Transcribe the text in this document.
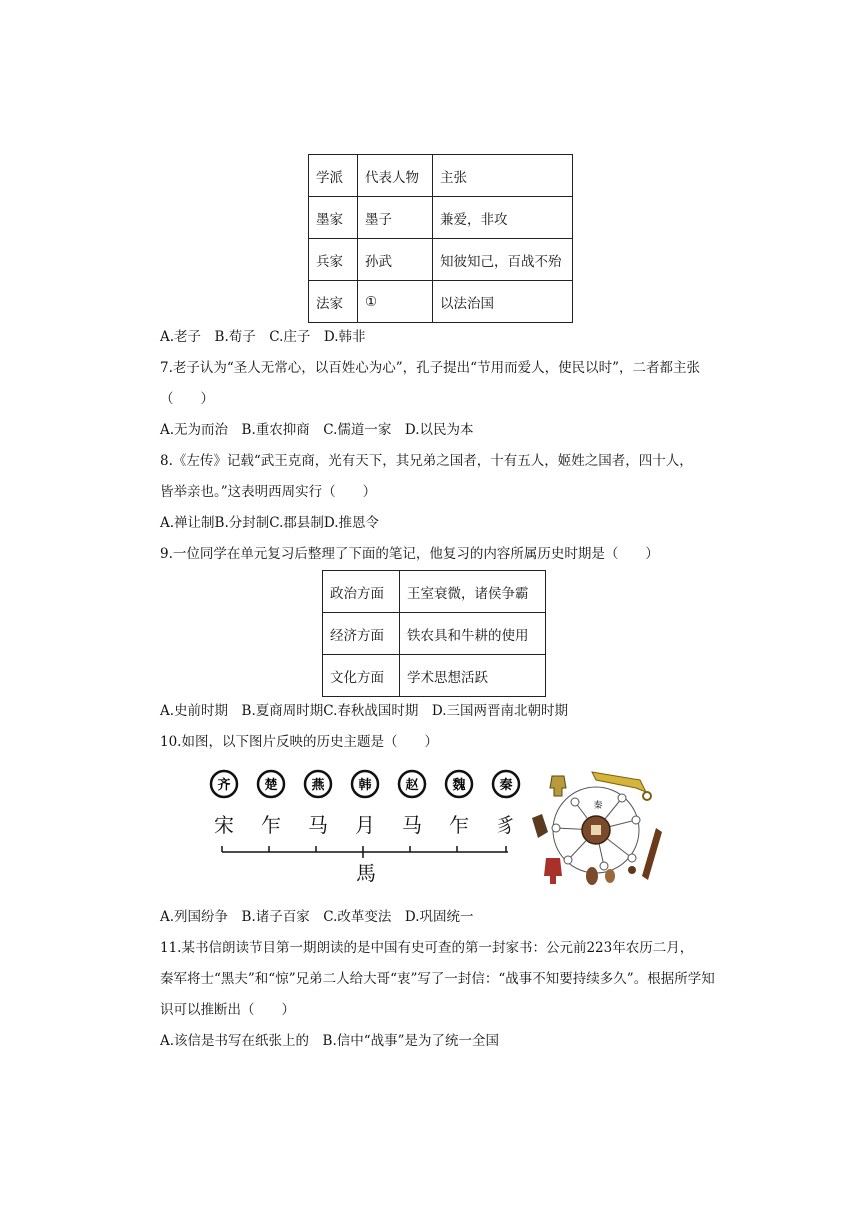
学派	代表人物	主张
墨家	墨子	兼爱，非攻
兵家	孙武	知彼知己，百战不殆
法家	①	以法治国
A.老子　B.荀子　C.庄子　D.韩非
7.老子认为“圣人无常心，以百姓心为心”，孔子提出“节用而爱人，使民以时”，二者都主张
（　　）
A.无为而治　B.重农抑商　C.儒道一家　D.以民为本
8.《左传》记载“武王克商，光有天下，其兄弟之国者，十有五人，姬姓之国者，四十人，
皆举亲也。”这表明西周实行（　　）
A.禅让制B.分封制C.郡县制D.推恩令
9.一位同学在单元复习后整理了下面的笔记，他复习的内容所属历史时期是（　　）
政治方面	王室衰微，诸侯争霸
经济方面	铁农具和牛耕的使用
文化方面	学术思想活跃
A.史前时期　B.夏商周时期C.春秋战国时期　D.三国两晋南北朝时期
10.如图，以下图片反映的历史主题是（　　）
齐	楚	燕	韩	赵	魏	秦
宋 乍 马 月 马 乍 豸
馬
秦
A.列国纷争　B.诸子百家　C.改革变法　D.巩固统一
11.某书信朗读节目第一期朗读的是中国有史可查的第一封家书：公元前223年农历二月，
秦军将士“黑夫”和“惊”兄弟二人给大哥“衷”写了一封信：“战事不知要持续多久”。根据所学知
识可以推断出（　　）
A.该信是书写在纸张上的　B.信中“战事”是为了统一全国
